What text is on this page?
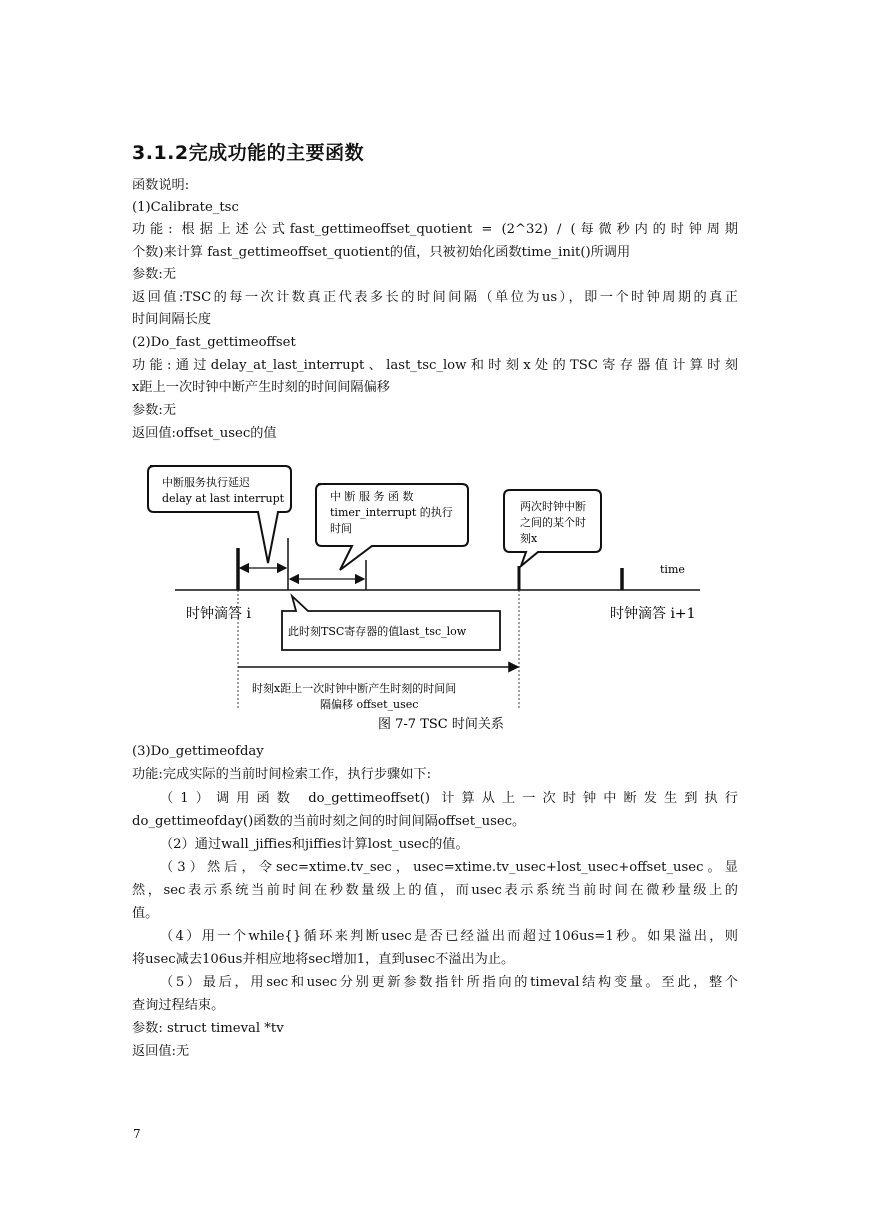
3.1.2完成功能的主要函数
函数说明:
(1)Calibrate_tsc
功能: 根据上述公式fast_gettimeoffset_quotient = (2^32) / (每微秒内的时钟周期
个数)来计算 fast_gettimeoffset_quotient的值，只被初始化函数time_init()所调用
参数:无
返回值:TSC的每一次计数真正代表多长的时间间隔（单位为us），即一个时钟周期的真正
时间间隔长度
(2)Do_fast_gettimeoffset
功能:通过delay_at_last_interrupt、last_tsc_low和时刻x处的TSC寄存器值计算时刻
x距上一次时钟中断产生时刻的时间间隔偏移
参数:无
返回值:offset_usec的值
中断服务执行延迟
delay at last interrupt	中 断 服 务 函 数
timer_interrupt 的执行
时间
两次时钟中断
之间的某个时
刻x
time
时钟滴答 i	时钟滴答 i+1
此时刻TSC寄存器的值last_tsc_low
时刻x距上一次时钟中断产生时刻的时间间
隔偏移 offset_usec
图 7-7 TSC 时间关系
(3)Do_gettimeofday
功能:完成实际的当前时间检索工作，执行步骤如下:
（1）调用函数 do_gettimeoffset() 计算从上一次时钟中断发生到执行
do_gettimeofday()函数的当前时刻之间的时间间隔offset_usec。
（2）通过wall_jiffies和jiffies计算lost_usec的值。
（3）然后，令sec=xtime.tv_sec，usec=xtime.tv_usec+lost_usec+offset_usec。显
然，sec表示系统当前时间在秒数量级上的值，而usec表示系统当前时间在微秒量级上的
值。
（4）用一个while{}循环来判断usec是否已经溢出而超过106us=1秒。如果溢出，则
将usec减去106us并相应地将sec增加1，直到usec不溢出为止。
（5）最后，用sec和usec分别更新参数指针所指向的timeval结构变量。至此，整个
查询过程结束。
参数: struct timeval *tv
返回值:无
7
